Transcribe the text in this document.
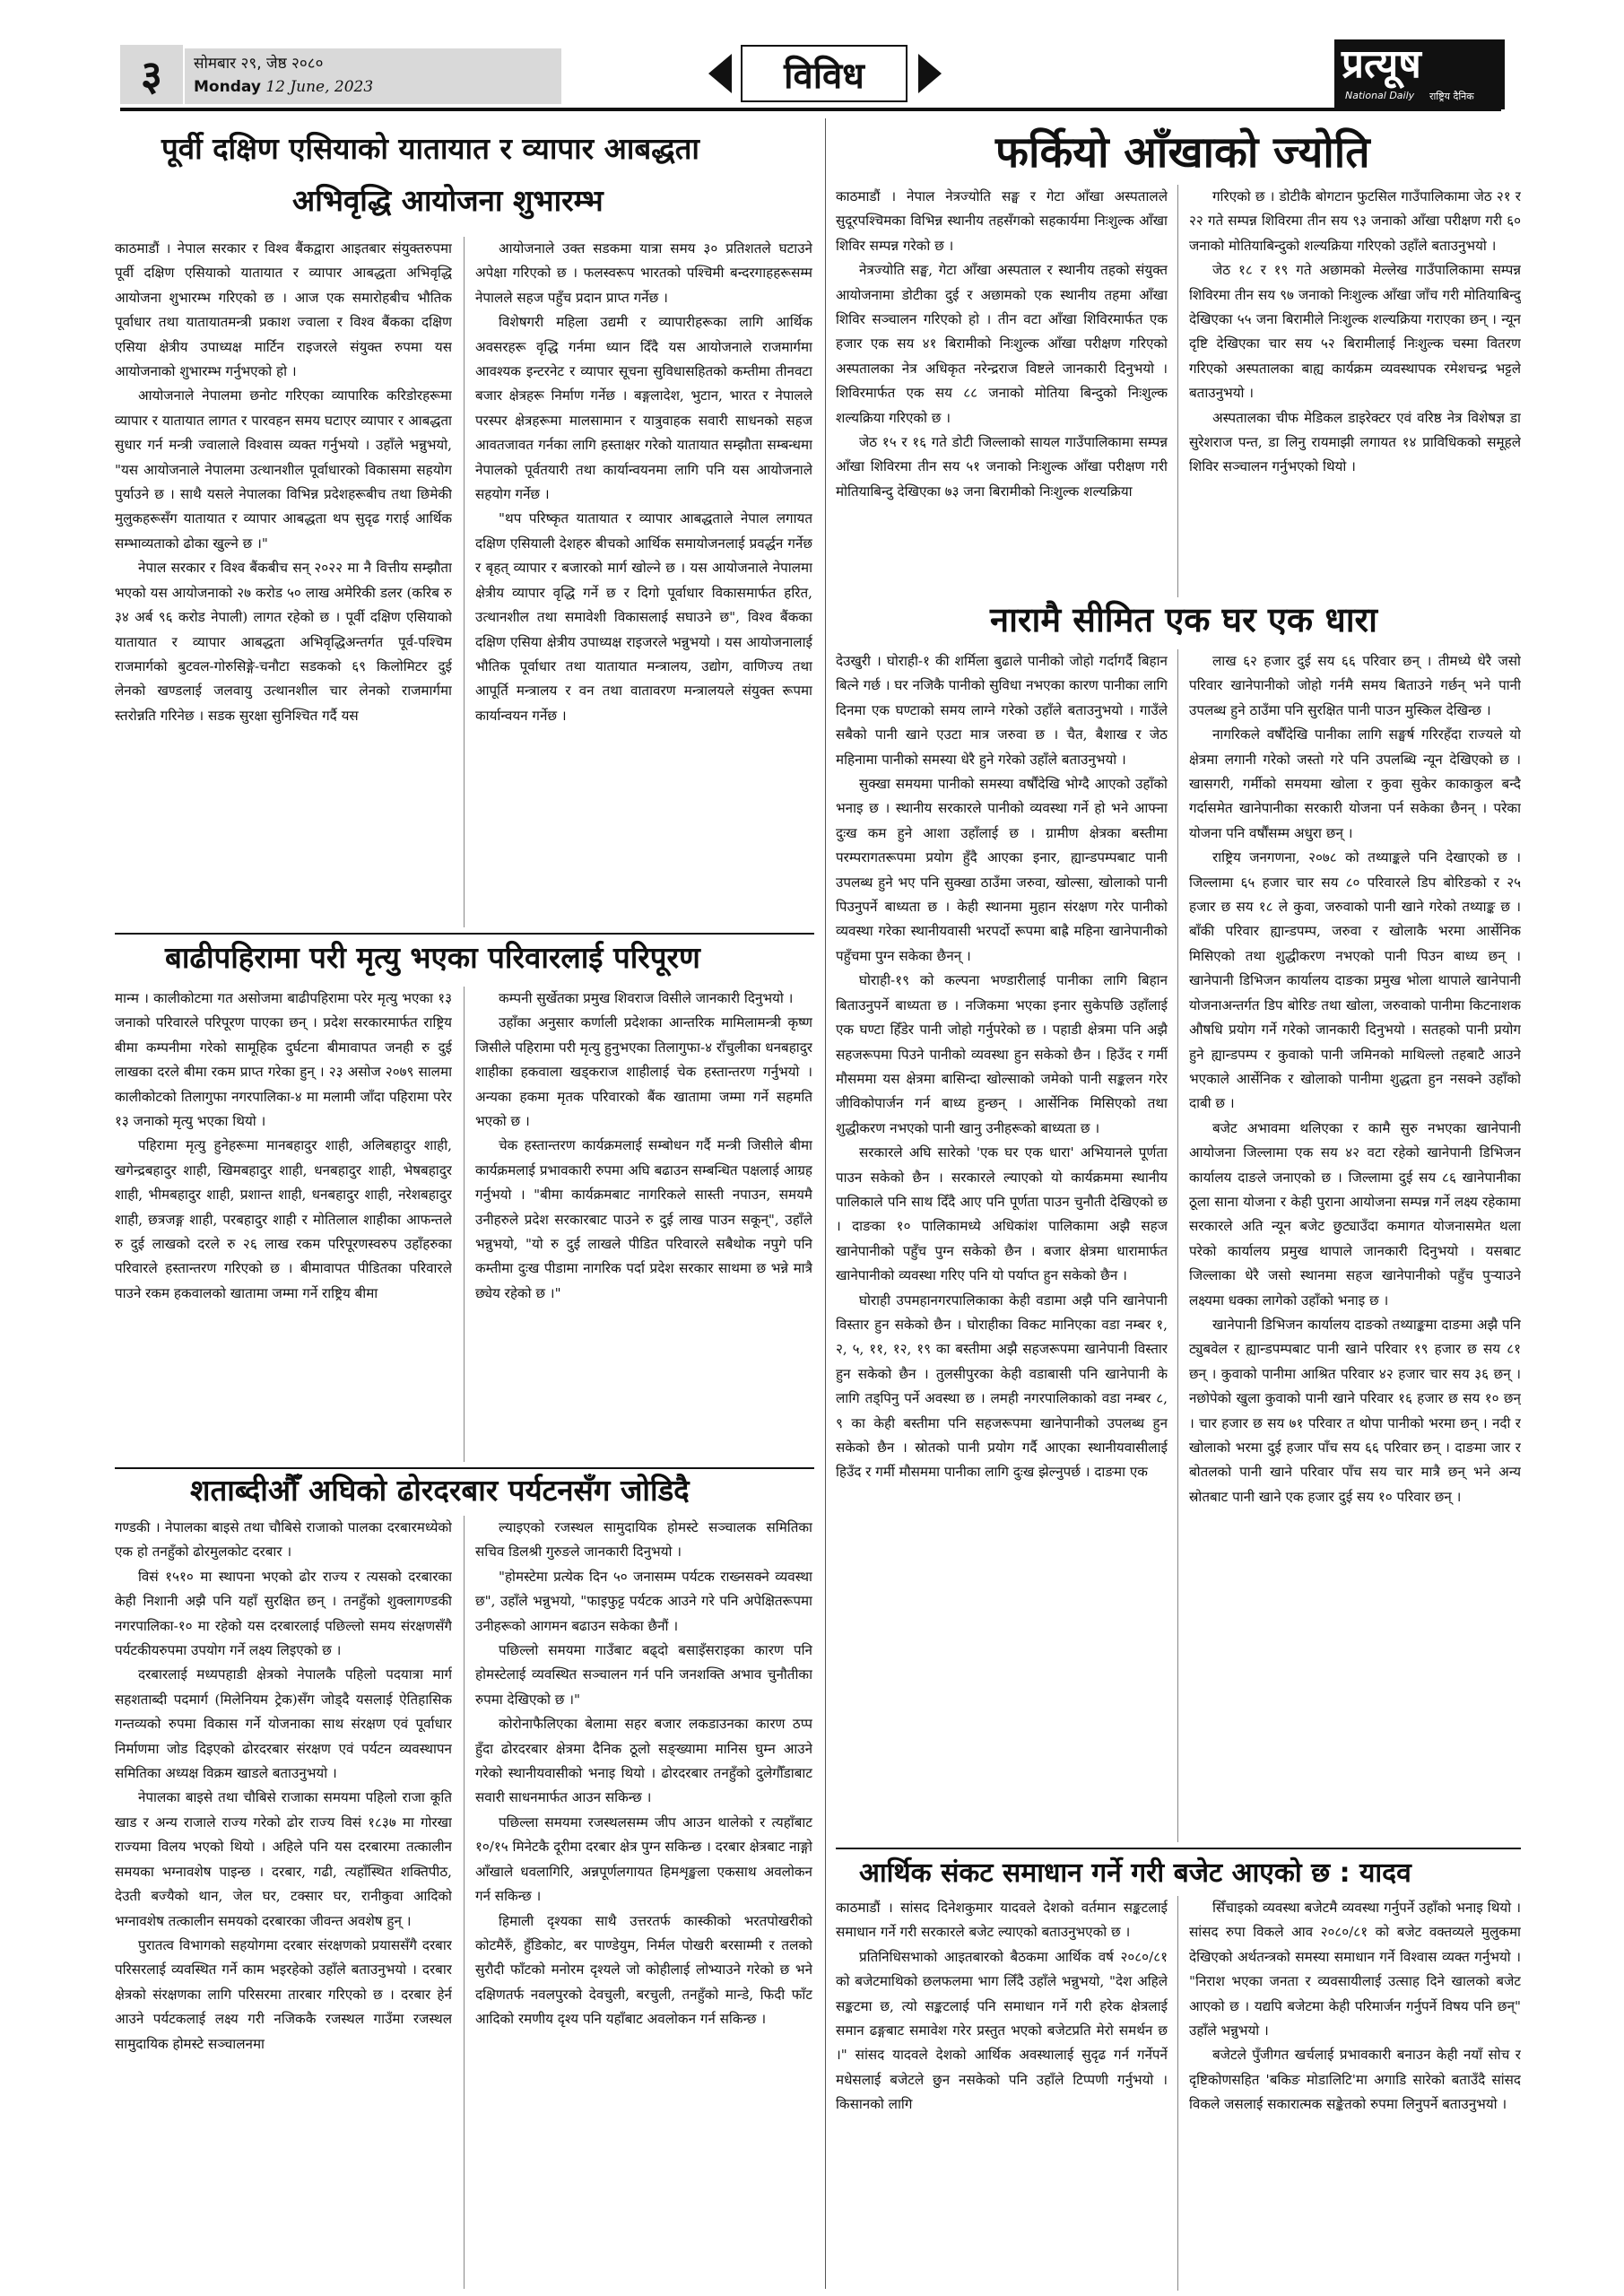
३	सोमबार २९, जेष्ठ २०८०
Monday 12 June, 2023	विविध	प्रत्यूष
National Daily राष्ट्रिय दैनिक
पूर्वी दक्षिण एसियाको यातायात र व्यापार आबद्धता
अभिवृद्धि आयोजना शुभारम्भ

काठमाडौं । नेपाल सरकार र विश्व बैंकद्वारा आइतबार संयुक्तरुपमा पूर्वी दक्षिण एसियाको यातायात र व्यापार आबद्धता अभिवृद्धि आयोजना शुभारम्भ गरिएको छ । आज एक समारोहबीच भौतिक पूर्वाधार तथा यातायातमन्त्री प्रकाश ज्वाला र विश्व बैंकका दक्षिण एसिया क्षेत्रीय उपाध्यक्ष मार्टिन राइजरले संयुक्त रुपमा यस आयोजनाको शुभारम्भ गर्नुभएको हो ।

आयोजनाले नेपालमा छनोट गरिएका व्यापारिक करिडोरहरूमा व्यापार र यातायात लागत र पारवहन समय घटाएर व्यापार र आबद्धता सुधार गर्न मन्त्री ज्वालाले विश्वास व्यक्त गर्नुभयो । उहाँले भन्नुभयो, "यस आयोजनाले नेपालमा उत्थानशील पूर्वाधारको विकासमा सहयोग पुर्याउने छ । साथै यसले नेपालका विभिन्न प्रदेशहरूबीच तथा छिमेकी मुलुकहरूसँग यातायात र व्यापार आबद्धता थप सुदृढ गराई आर्थिक सम्भाव्यताको ढोका खुल्ने छ ।"

नेपाल सरकार र विश्व बैंकबीच सन् २०२२ मा नै वित्तीय सम्झौता भएको यस आयोजनाको २७ करोड ५० लाख अमेरिकी डलर (करिब रु ३४ अर्ब ९६ करोड नेपाली) लागत रहेको छ । पूर्वी दक्षिण एसियाको यातायात र व्यापार आबद्धता अभिवृद्धिअन्तर्गत पूर्व-पश्चिम राजमार्गको बुटवल-गोरुसिङ्गे-चनौटा सडकको ६९ किलोमिटर दुई लेनको खण्डलाई जलवायु उत्थानशील चार लेनको राजमार्गमा स्तरोन्नति गरिनेछ । सडक सुरक्षा सुनिश्चित गर्दै यस

आयोजनाले उक्त सडकमा यात्रा समय ३० प्रतिशतले घटाउने अपेक्षा गरिएको छ । फलस्वरूप भारतको पश्चिमी बन्दरगाहहरूसम्म नेपालले सहज पहुँच प्रदान प्राप्त गर्नेछ ।

विशेषगरी महिला उद्यमी र व्यापारीहरूका लागि आर्थिक अवसरहरू वृद्धि गर्नमा ध्यान दिँदै यस आयोजनाले राजमार्गमा आवश्यक इन्टरनेट र व्यापार सूचना सुविधासहितको कम्तीमा तीनवटा बजार क्षेत्रहरू निर्माण गर्नेछ । बङ्गलादेश, भुटान, भारत र नेपालले परस्पर क्षेत्रहरूमा मालसामान र यात्रुवाहक सवारी साधनको सहज आवतजावत गर्नका लागि हस्ताक्षर गरेको यातायात सम्झौता सम्बन्धमा नेपालको पूर्वतयारी तथा कार्यान्वयनमा लागि पनि यस आयोजनाले सहयोग गर्नेछ ।

"थप परिष्कृत यातायात र व्यापार आबद्धताले नेपाल लगायत दक्षिण एसियाली देशहरु बीचको आर्थिक समायोजनलाई प्रवर्द्धन गर्नेछ र बृहत् व्यापार र बजारको मार्ग खोल्ने छ । यस आयोजनाले नेपालमा क्षेत्रीय व्यापार वृद्धि गर्ने छ र दिगो पूर्वाधार विकासमार्फत हरित, उत्थानशील तथा समावेशी विकासलाई सघाउने छ", विश्व बैंकका दक्षिण एसिया क्षेत्रीय उपाध्यक्ष राइजरले भन्नुभयो । यस आयोजनालाई भौतिक पूर्वाधार तथा यातायात मन्त्रालय, उद्योग, वाणिज्य तथा आपूर्ति मन्त्रालय र वन तथा वातावरण मन्त्रालयले संयुक्त रूपमा कार्यान्वयन गर्नेछ ।

बाढीपहिरामा परी मृत्यु भएका परिवारलाई परिपूरण

मान्म । कालीकोटमा गत असोजमा बाढीपहिरामा परेर मृत्यु भएका १३ जनाको परिवारले परिपूरण पाएका छन् । प्रदेश सरकारमार्फत राष्ट्रिय बीमा कम्पनीमा गरेको सामूहिक दुर्घटना बीमावापत जनही रु दुई लाखका दरले बीमा रकम प्राप्त गरेका हुन् । २३ असोज २०७९ सालमा कालीकोटको तिलागुफा नगरपालिका-४ मा मलामी जाँदा पहिरामा परेर १३ जनाको मृत्यु भएका थियो ।

पहिरामा मृत्यु हुनेहरूमा मानबहादुर शाही, अलिबहादुर शाही, खगेन्द्रबहादुर शाही, खिमबहादुर शाही, धनबहादुर शाही, भेषबहादुर शाही, भीमबहादुर शाही, प्रशान्त शाही, धनबहादुर शाही, नरेशबहादुर शाही, छत्रजङ्ग शाही, परबहादुर शाही र मोतिलाल शाहीका आफन्तले रु दुई लाखको दरले रु २६ लाख रकम परिपूरणस्वरुप उहाँहरुका परिवारले हस्तान्तरण गरिएको छ । बीमावापत पीडितका परिवारले पाउने रकम हकवालको खातामा जम्मा गर्ने राष्ट्रिय बीमा

कम्पनी सुर्खेतका प्रमुख शिवराज विसीले जानकारी दिनुभयो ।

उहाँका अनुसार कर्णाली प्रदेशका आन्तरिक मामिलामन्त्री कृष्ण जिसीले पहिरामा परी मृत्यु हुनुभएका तिलागुफा-४ राँचुलीका धनबहादुर शाहीका हकवाला खड्कराज शाहीलाई चेक हस्तान्तरण गर्नुभयो । अन्यका हकमा मृतक परिवारको बैंक खातामा जम्मा गर्ने सहमति भएको छ ।

चेक हस्तान्तरण कार्यक्रमलाई सम्बोधन गर्दै मन्त्री जिसीले बीमा कार्यक्रमलाई प्रभावकारी रुपमा अघि बढाउन सम्बन्धित पक्षलाई आग्रह गर्नुभयो । "बीमा कार्यक्रमबाट नागरिकले सास्ती नपाउन, समयमै उनीहरुले प्रदेश सरकारबाट पाउने रु दुई लाख पाउन सकून्", उहाँले भन्नुभयो, "यो रु दुई लाखले पीडित परिवारले सबैथोक नपुगे पनि कम्तीमा दुःख पीडामा नागरिक पर्दा प्रदेश सरकार साथमा छ भन्ने मात्रै छ्येय रहेको छ ।"

शताब्दीऔँ अघिको ढोरदरबार पर्यटनसँग जोडिदै

गण्डकी । नेपालका बाइसे तथा चौबिसे राजाको पालका दरबारमध्येको एक हो तनहुँको ढोरमुलकोट दरबार ।

विसं १५१० मा स्थापना भएको ढोर राज्य र त्यसको दरबारका केही निशानी अझै पनि यहाँ सुरक्षित छन् । तनहुँको शुक्लागण्डकी नगरपालिका-१० मा रहेको यस दरबारलाई पछिल्लो समय संरक्षणसँगै पर्यटकीयरुपमा उपयोग गर्ने लक्ष्य लिइएको छ ।

दरबारलाई मध्यपहाडी क्षेत्रको नेपालकै पहिलो पदयात्रा मार्ग सहशताब्दी पदमार्ग (मिलेनियम ट्रेक)सँग जोड्दै यसलाई ऐतिहासिक गन्तव्यको रुपमा विकास गर्ने योजनाका साथ संरक्षण एवं पूर्वाधार निर्माणमा जोड दिइएको ढोरदरबार संरक्षण एवं पर्यटन व्यवस्थापन समितिका अध्यक्ष विक्रम खाडले बताउनुभयो ।

नेपालका बाइसे तथा चौबिसे राजाका समयमा पहिलो राजा कूति खाड र अन्य राजाले राज्य गरेको ढोर राज्य विसं १८३७ मा गोरखा राज्यमा विलय भएको थियो । अहिले पनि यस दरबारमा तत्कालीन समयका भग्नावशेष पाइन्छ । दरबार, गढी, त्यहाँस्थित शक्तिपीठ, देउती बज्यैको थान, जेल घर, टक्सार घर, रानीकुवा आदिको भग्नावशेष तत्कालीन समयको दरबारका जीवन्त अवशेष हुन् ।

पुरातत्व विभागको सहयोगमा दरबार संरक्षणको प्रयाससँगै दरबार परिसरलाई व्यवस्थित गर्ने काम भइरहेको उहाँले बताउनुभयो । दरबार क्षेत्रको संरक्षणका लागि परिसरमा तारबार गरिएको छ । दरबार हेर्न आउने पर्यटकलाई लक्ष्य गरी नजिककै रजस्थल गाउँमा रजस्थल सामुदायिक होमस्टे सञ्चालनमा

ल्याइएको रजस्थल सामुदायिक होमस्टे सञ्चालक समितिका सचिव डिलश्री गुरुङले जानकारी दिनुभयो ।

"होमस्टेमा प्रत्येक दिन ५० जनासम्म पर्यटक राख्नसक्ने व्यवस्था छ", उहाँले भन्नुभयो, "फाइफुट्ट पर्यटक आउने गरे पनि अपेक्षितरूपमा उनीहरूको आगमन बढाउन सकेका छैनौं ।

पछिल्लो समयमा गाउँबाट बढ्दो बसाइँसराइका कारण पनि होमस्टेलाई व्यवस्थित सञ्चालन गर्न पनि जनशक्ति अभाव चुनौतीका रुपमा देखिएको छ ।"

कोरोनाफैलिएका बेलामा सहर बजार लकडाउनका कारण ठप्प हुँदा ढोरदरबार क्षेत्रमा दैनिक ठूलो सङ्ख्यामा मानिस घुम्न आउने गरेको स्थानीयवासीको भनाइ थियो । ढोरदरबार तनहुँको दुलेगौँडाबाट सवारी साधनमार्फत आउन सकिन्छ ।

पछिल्ला समयमा रजस्थलसम्म जीप आउन थालेको र त्यहाँबाट १०/१५ मिनेटकै दूरीमा दरबार क्षेत्र पुग्न सकिन्छ । दरबार क्षेत्रबाट नाङ्गो आँखाले धवलागिरि, अन्नपूर्णलगायत हिमशृङ्खला एकसाथ अवलोकन गर्न सकिन्छ ।

हिमाली दृश्यका साथै उत्तरतर्फ कास्कीको भरतपोखरीको कोटमैरुँ, हुँडिकोट, बर पाण्डेयुम, निर्मल पोखरी बरसाम्मी र तलको सुरौदी फाँटको मनोरम दृश्यले जो कोहीलाई लोभ्याउने गरेको छ भने दक्षिणतर्फ नवलपुरको देवचुली, बरचुली, तनहुँको मान्डे, फिदी फाँट आदिको रमणीय दृश्य पनि यहाँबाट अवलोकन गर्न सकिन्छ ।

फर्कियो आँखाको ज्योति

काठमाडौं । नेपाल नेत्रज्योति सङ्घ र गेटा आँखा अस्पतालले सुदूरपश्चिमका विभिन्न स्थानीय तहसँगको सहकार्यमा निःशुल्क आँखा शिविर सम्पन्न गरेको छ ।

नेत्रज्योति सङ्घ, गेटा आँखा अस्पताल र स्थानीय तहको संयुक्त आयोजनामा डोटीका दुई र अछामको एक स्थानीय तहमा आँखा शिविर सञ्चालन गरिएको हो । तीन वटा आँखा शिविरमार्फत एक हजार एक सय ४१ बिरामीको निःशुल्क आँखा परीक्षण गरिएको अस्पतालका नेत्र अधिकृत नरेन्द्रराज विष्टले जानकारी दिनुभयो । शिविरमार्फत एक सय ८८ जनाको मोतिया बिन्दुको निःशुल्क शल्यक्रिया गरिएको छ ।

जेठ १५ र १६ गते डोटी जिल्लाको सायल गाउँपालिकामा सम्पन्न आँखा शिविरमा तीन सय ५१ जनाको निःशुल्क आँखा परीक्षण गरी मोतियाबिन्दु देखिएका ७३ जना बिरामीको निःशुल्क शल्यक्रिया

गरिएको छ । डोटीकै बोगटान फुटसिल गाउँपालिकामा जेठ २१ र २२ गते सम्पन्न शिविरमा तीन सय ९३ जनाको आँखा परीक्षण गरी ६० जनाको मोतियाबिन्दुको शल्यक्रिया गरिएको उहाँले बताउनुभयो ।

जेठ १८ र १९ गते अछामको मेल्लेख गाउँपालिकामा सम्पन्न शिविरमा तीन सय ९७ जनाको निःशुल्क आँखा जाँच गरी मोतियाबिन्दु देखिएका ५५ जना बिरामीले निःशुल्क शल्यक्रिया गराएका छन् । न्यून दृष्टि देखिएका चार सय ५२ बिरामीलाई निःशुल्क चस्मा वितरण गरिएको अस्पतालका बाह्य कार्यक्रम व्यवस्थापक रमेशचन्द्र भट्टले बताउनुभयो ।

अस्पतालका चीफ मेडिकल डाइरेक्टर एवं वरिष्ठ नेत्र विशेषज्ञ डा सुरेशराज पन्त, डा लिनु रायमाझी लगायत १४ प्राविधिकको समूहले शिविर सञ्चालन गर्नुभएको थियो ।

नारामै सीमित एक घर एक धारा

देउखुरी । घोराही-१ की शर्मिला बुढाले पानीको जोहो गर्दागर्दै बिहान बित्ने गर्छ । घर नजिकै पानीको सुविधा नभएका कारण पानीका लागि दिनमा एक घण्टाको समय लाग्ने गरेको उहाँले बताउनुभयो । गाउँले सबैको पानी खाने एउटा मात्र जरुवा छ । चैत, बैशाख र जेठ महिनामा पानीको समस्या धेरै हुने गरेको उहाँले बताउनुभयो ।

सुक्खा समयमा पानीको समस्या वर्षौंदेखि भोग्दै आएको उहाँको भनाइ छ । स्थानीय सरकारले पानीको व्यवस्था गर्ने हो भने आफ्ना दुःख कम हुने आशा उहाँलाई छ । ग्रामीण क्षेत्रका बस्तीमा परम्परागतरूपमा प्रयोग हुँदै आएका इनार, ह्यान्डपम्पबाट पानी उपलब्ध हुने भए पनि सुक्खा ठाउँमा जरुवा, खोल्सा, खोलाको पानी पिउनुपर्ने बाध्यता छ । केही स्थानमा मुहान संरक्षण गरेर पानीको व्यवस्था गरेका स्थानीयवासी भरपर्दो रूपमा बाह्रै महिना खानेपानीको पहुँचमा पुग्न सकेका छैनन् ।

घोराही-१९ को कल्पना भण्डारीलाई पानीका लागि बिहान बिताउनुपर्ने बाध्यता छ । नजिकमा भएका इनार सुकेपछि उहाँलाई एक घण्टा हिँडेर पानी जोहो गर्नुपरेको छ । पहाडी क्षेत्रमा पनि अझै सहजरूपमा पिउने पानीको व्यवस्था हुन सकेको छैन । हिउँद र गर्मी मौसममा यस क्षेत्रमा बासिन्दा खोल्साको जमेको पानी सङ्कलन गरेर जीविकोपार्जन गर्न बाध्य हुन्छन् । आर्सेनिक मिसिएको तथा शुद्धीकरण नभएको पानी खानु उनीहरूको बाध्यता छ ।

सरकारले अघि सारेको 'एक घर एक धारा' अभियानले पूर्णता पाउन सकेको छैन । सरकारले ल्याएको यो कार्यक्रममा स्थानीय पालिकाले पनि साथ दिँदै आए पनि पूर्णता पाउन चुनौती देखिएको छ । दाङका १० पालिकामध्ये अधिकांश पालिकामा अझै सहज खानेपानीको पहुँच पुग्न सकेको छैन । बजार क्षेत्रमा धारामार्फत खानेपानीको व्यवस्था गरिए पनि यो पर्याप्त हुन सकेको छैन ।

घोराही उपमहानगरपालिकाका केही वडामा अझै पनि खानेपानी विस्तार हुन सकेको छैन । घोराहीका विकट मानिएका वडा नम्बर १, २, ५, ११, १२, १९ का बस्तीमा अझै सहजरूपमा खानेपानी विस्तार हुन सकेको छैन । तुलसीपुरका केही वडाबासी पनि खानेपानी के लागि तड्पिनु पर्ने अवस्था छ । लमही नगरपालिकाको वडा नम्बर ८, ९ का केही बस्तीमा पनि सहजरूपमा खानेपानीको उपलब्ध हुन सकेको छैन । स्रोतको पानी प्रयोग गर्दै आएका स्थानीयवासीलाई हिउँद र गर्मी मौसममा पानीका लागि दुःख झेल्नुपर्छ । दाङमा एक

लाख ६२ हजार दुई सय ६६ परिवार छन् । तीमध्ये धेरै जसो परिवार खानेपानीको जोहो गर्नमै समय बिताउने गर्छन् भने पानी उपलब्ध हुने ठाउँमा पनि सुरक्षित पानी पाउन मुस्किल देखिन्छ ।

नागरिकले वर्षौंदेखि पानीका लागि सङ्घर्ष गरिरहँदा राज्यले यो क्षेत्रमा लगानी गरेको जस्तो गरे पनि उपलब्धि न्यून देखिएको छ । खासगरी, गर्मीको समयमा खोला र कुवा सुकेर काकाकुल बन्दै गर्दासमेत खानेपानीका सरकारी योजना पर्न सकेका छैनन् । परेका योजना पनि वर्षौंसम्म अधुरा छन् ।

राष्ट्रिय जनगणना, २०७८ को तथ्याङ्कले पनि देखाएको छ । जिल्लामा ६५ हजार चार सय ८० परिवारले डिप बोरिङको र २५ हजार छ सय १८ ले कुवा, जरुवाको पानी खाने गरेको तथ्याङ्क छ । बाँकी परिवार ह्यान्डपम्प, जरुवा र खोलाकै भरमा आर्सेनिक मिसिएको तथा शुद्धीकरण नभएको पानी पिउन बाध्य छन् । खानेपानी डिभिजन कार्यालय दाङका प्रमुख भोला थापाले खानेपानी योजनाअन्तर्गत डिप बोरिङ तथा खोला, जरुवाको पानीमा किटनाशक औषधि प्रयोग गर्ने गरेको जानकारी दिनुभयो । सतहको पानी प्रयोग हुने ह्यान्डपम्प र कुवाको पानी जमिनको माथिल्लो तहबाटै आउने भएकाले आर्सेनिक र खोलाको पानीमा शुद्धता हुन नसक्ने उहाँको दाबी छ ।

बजेट अभावमा थलिएका र कामै सुरु नभएका खानेपानी आयोजना जिल्लामा एक सय ४२ वटा रहेको खानेपानी डिभिजन कार्यालय दाङले जनाएको छ । जिल्लामा दुई सय ८६ खानेपानीका ठूला साना योजना र केही पुराना आयोजना सम्पन्न गर्ने लक्ष्य रहेकामा सरकारले अति न्यून बजेट छुट्याउँदा कमागत योजनासमेत थला परेको कार्यालय प्रमुख थापाले जानकारी दिनुभयो । यसबाट जिल्लाका धेरै जसो स्थानमा सहज खानेपानीको पहुँच पुऱ्याउने लक्ष्यमा धक्का लागेको उहाँको भनाइ छ ।

खानेपानी डिभिजन कार्यालय दाङको तथ्याङ्कमा दाङमा अझै पनि ट्युबवेल र ह्यान्डपम्पबाट पानी खाने परिवार १९ हजार छ सय ८१ छन् । कुवाको पानीमा आश्रित परिवार ४२ हजार चार सय ३६ छन् । नछोपेको खुला कुवाको पानी खाने परिवार १६ हजार छ सय १० छन् । चार हजार छ सय ७१ परिवार त थोपा पानीको भरमा छन् । नदी र खोलाको भरमा दुई हजार पाँच सय ६६ परिवार छन् । दाङमा जार र बोतलको पानी खाने परिवार पाँच सय चार मात्रै छन् भने अन्य स्रोतबाट पानी खाने एक हजार दुई सय १० परिवार छन् ।

आर्थिक संकट समाधान गर्ने गरी बजेट आएको छ : यादव

काठमाडौं । सांसद दिनेशकुमार यादवले देशको वर्तमान सङ्कटलाई समाधान गर्ने गरी सरकारले बजेट ल्याएको बताउनुभएको छ ।

प्रतिनिधिसभाको आइतबारको बैठकमा आर्थिक वर्ष २०८०/८१ को बजेटमाथिको छलफलमा भाग लिँदै उहाँले भन्नुभयो, "देश अहिले सङ्कटमा छ, त्यो सङ्कटलाई पनि समाधान गर्ने गरी हरेक क्षेत्रलाई समान ढङ्गबाट समावेश गरेर प्रस्तुत भएको बजेटप्रति मेरो समर्थन छ ।" सांसद यादवले देशको आर्थिक अवस्थालाई सुदृढ गर्न गर्नेपर्ने मधेसलाई बजेटले छुन नसकेको पनि उहाँले टिप्पणी गर्नुभयो । किसानको लागि

सिँचाइको व्यवस्था बजेटमै व्यवस्था गर्नुपर्ने उहाँको भनाइ थियो । सांसद रुपा विकले आव २०८०/८१ को बजेट वक्तव्यले मुलुकमा देखिएको अर्थतन्त्रको समस्या समाधान गर्ने विश्वास व्यक्त गर्नुभयो । "निराश भएका जनता र व्यवसायीलाई उत्साह दिने खालको बजेट आएको छ । यद्यपि बजेटमा केही परिमार्जन गर्नुपर्ने विषय पनि छन्" उहाँले भन्नुभयो ।

बजेटले पुँजीगत खर्चलाई प्रभावकारी बनाउन केही नयाँ सोच र दृष्टिकोणसहित 'बकिङ मोडालिटि'मा अगाडि सारेको बताउँदै सांसद विकले जसलाई सकारात्मक सङ्केतको रुपमा लिनुपर्ने बताउनुभयो ।
